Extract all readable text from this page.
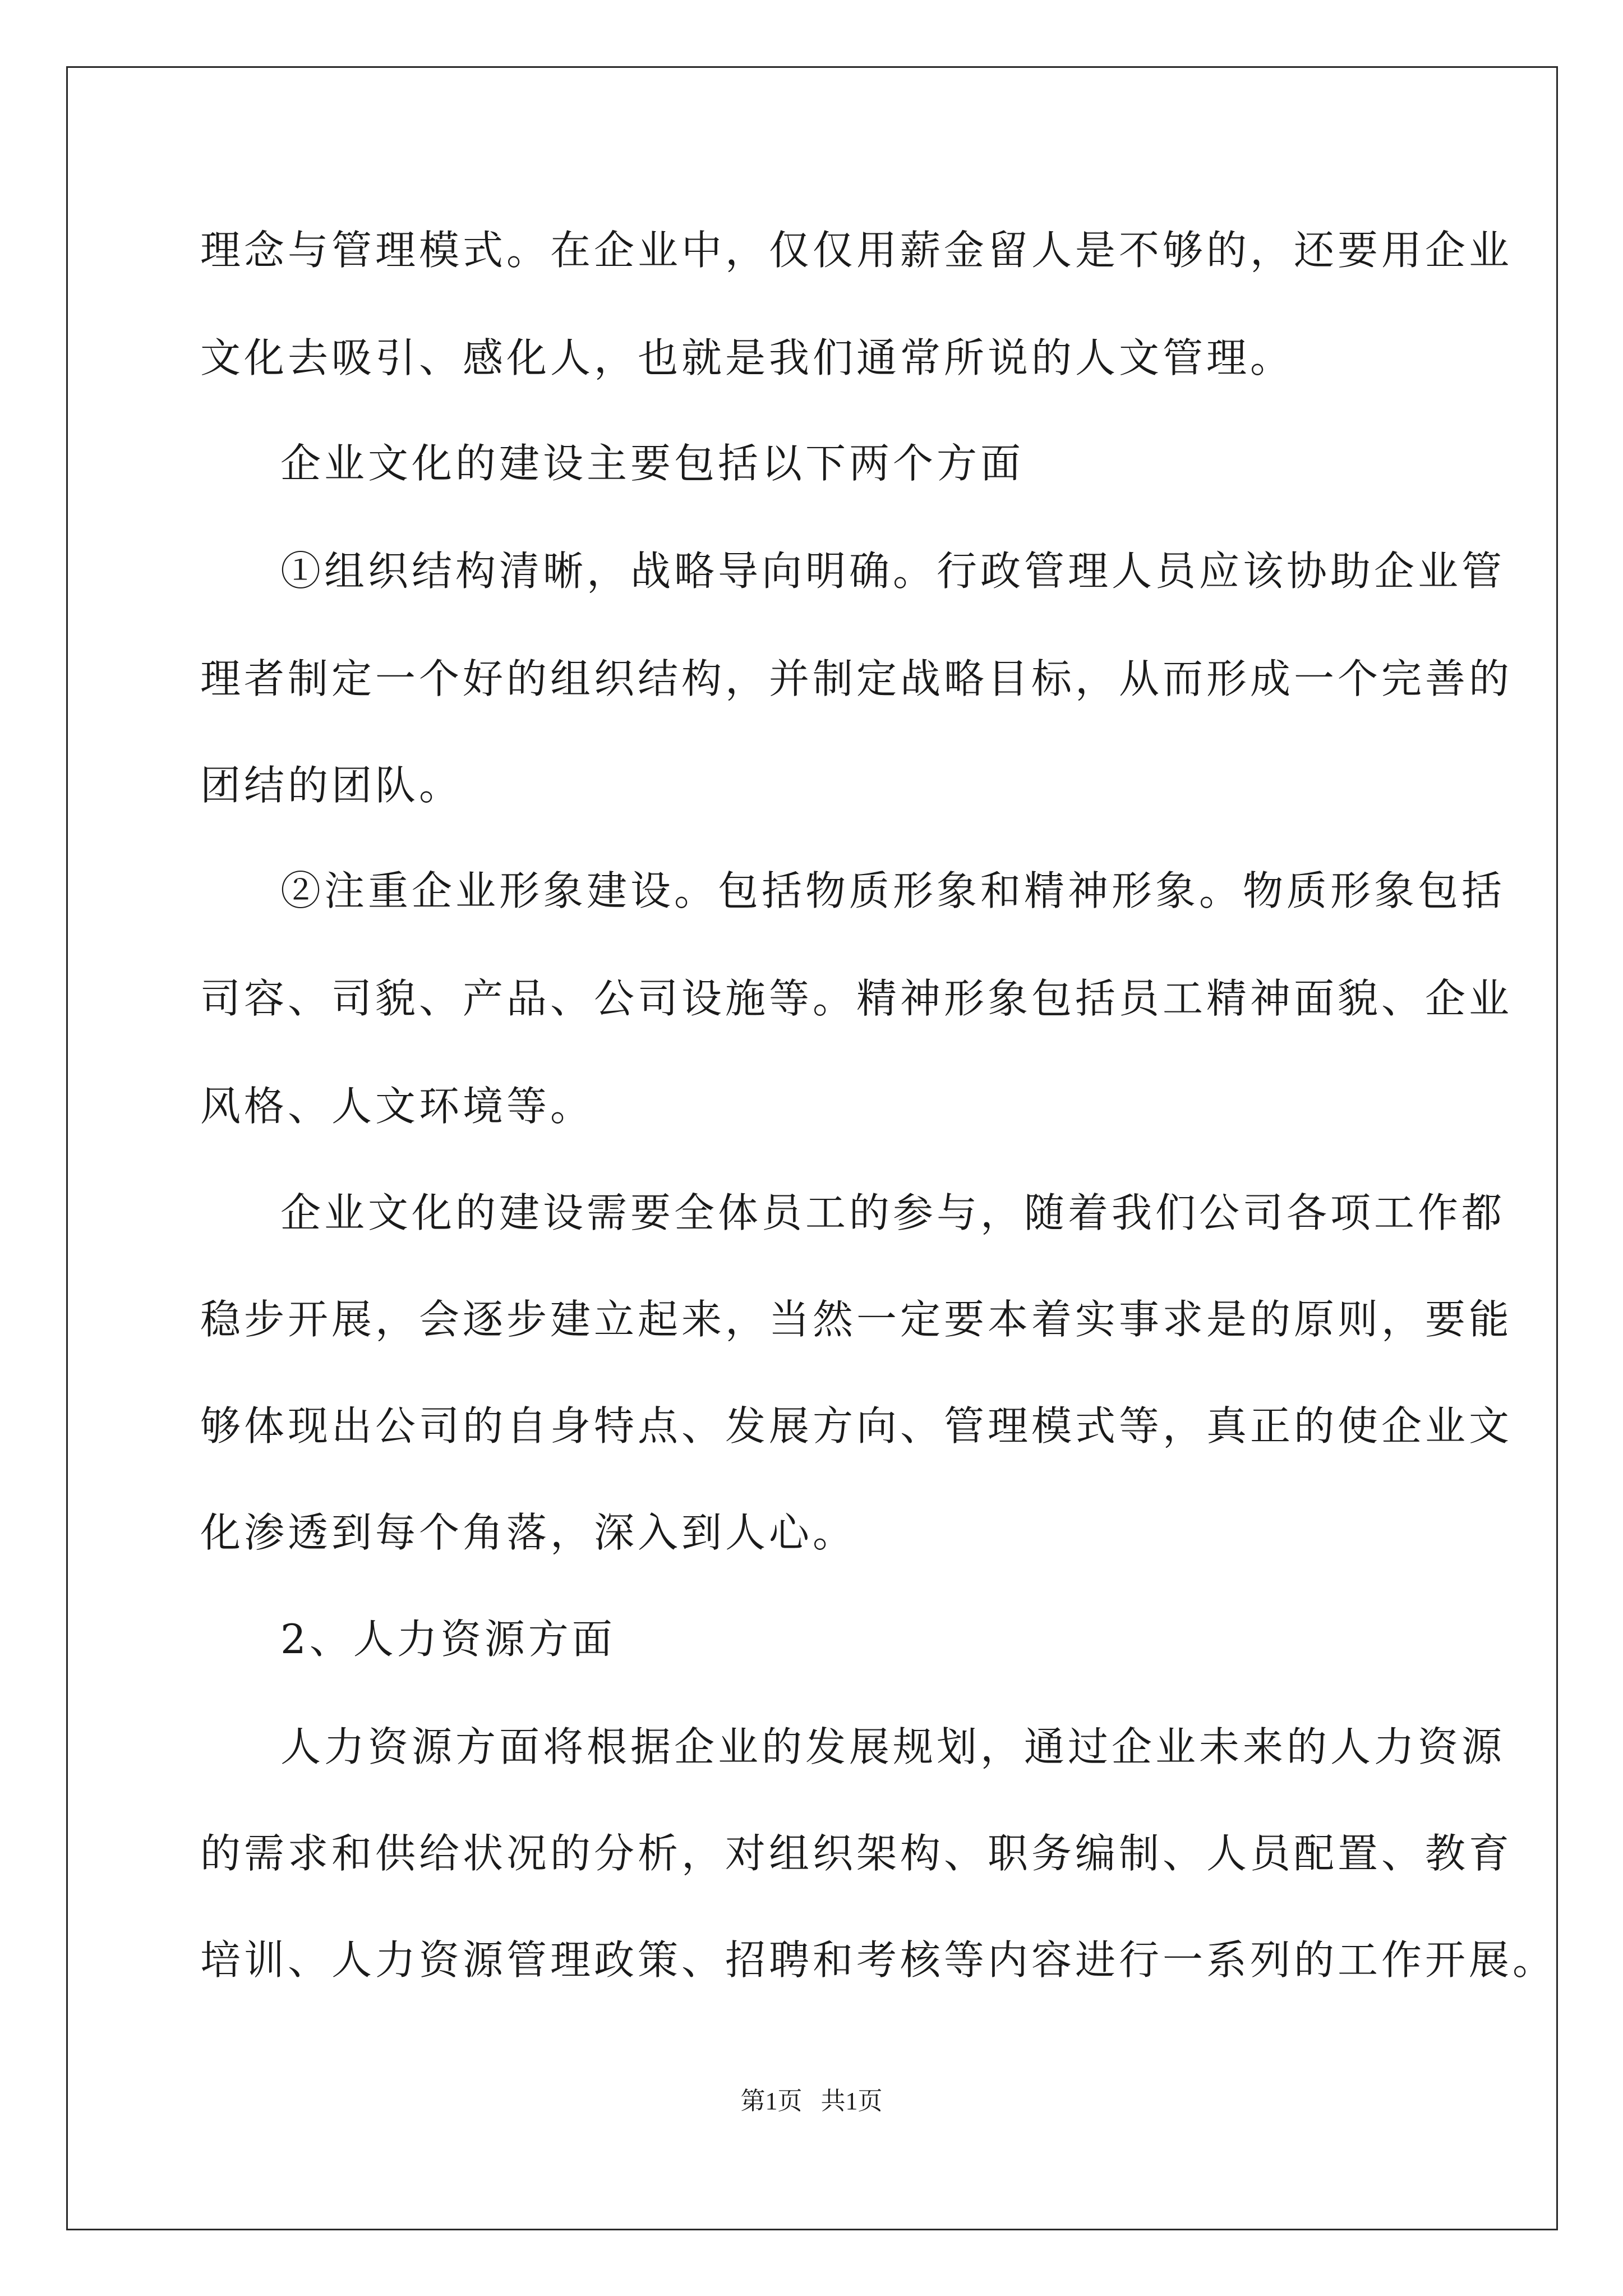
理念与管理模式。在企业中，仅仅用薪金留人是不够的，还要用企业
文化去吸引、感化人，也就是我们通常所说的人文管理。
企业文化的建设主要包括以下两个方面
①组织结构清晰，战略导向明确。行政管理人员应该协助企业管
理者制定一个好的组织结构，并制定战略目标，从而形成一个完善的
团结的团队。
②注重企业形象建设。包括物质形象和精神形象。物质形象包括
司容、司貌、产品、公司设施等。精神形象包括员工精神面貌、企业
风格、人文环境等。
企业文化的建设需要全体员工的参与，随着我们公司各项工作都
稳步开展，会逐步建立起来，当然一定要本着实事求是的原则，要能
够体现出公司的自身特点、发展方向、管理模式等，真正的使企业文
化渗透到每个角落，深入到人心。
2、人力资源方面
人力资源方面将根据企业的发展规划，通过企业未来的人力资源
的需求和供给状况的分析，对组织架构、职务编制、人员配置、教育
培训、人力资源管理政策、招聘和考核等内容进行一系列的工作开展。
第1页   共1页
